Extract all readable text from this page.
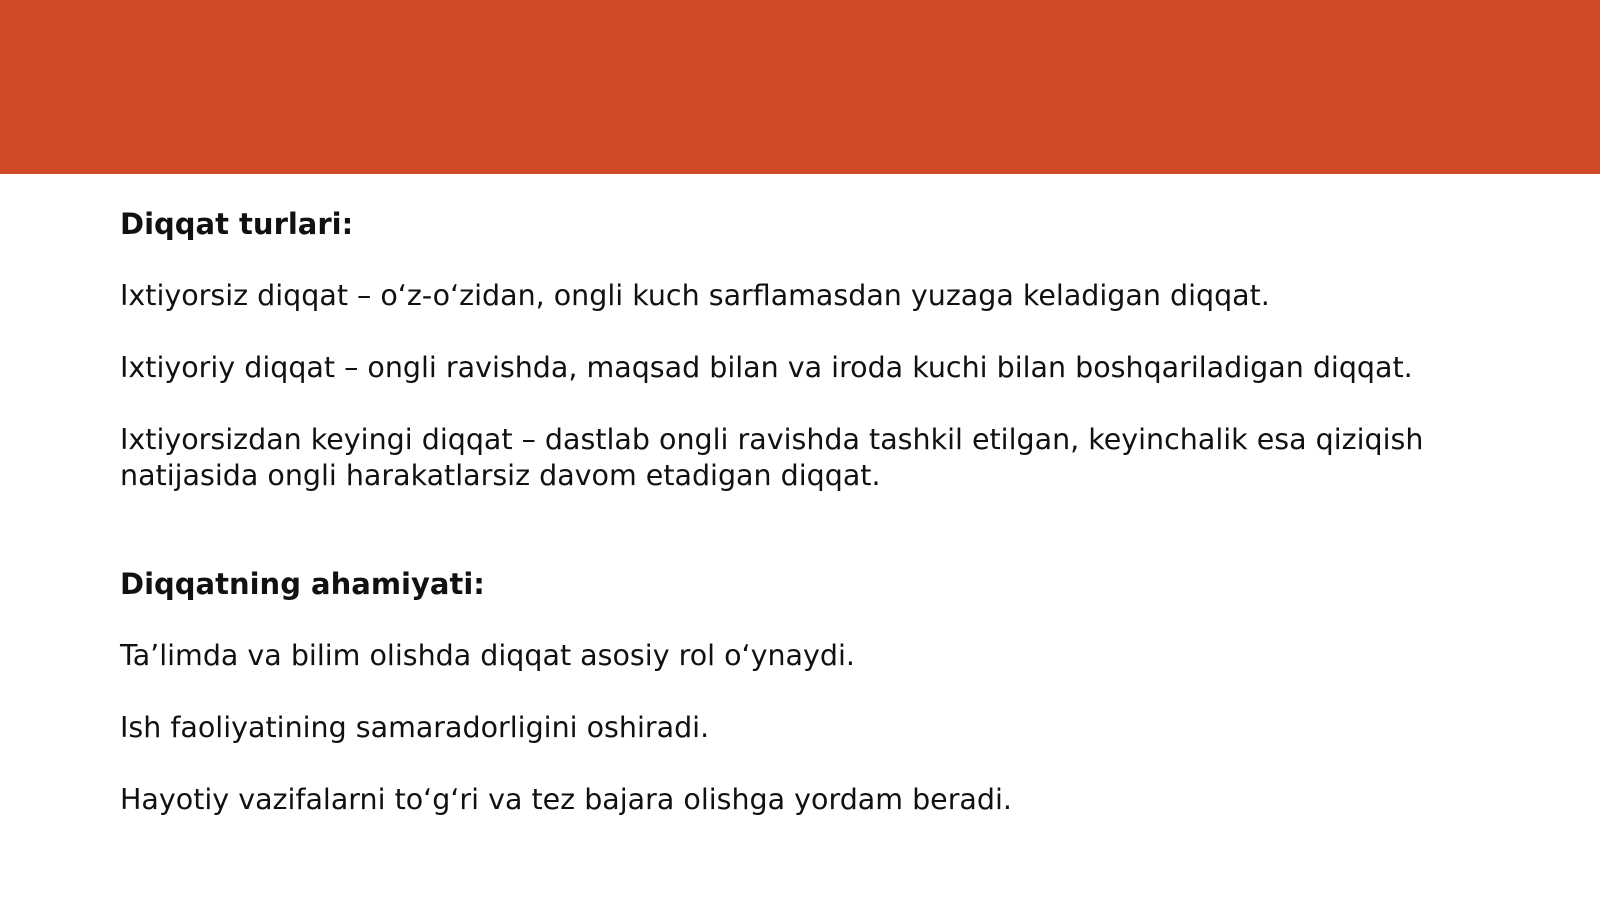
Diqqat turlari:

Ixtiyorsiz diqqat – oʻz-oʻzidan, ongli kuch sarflamasdan yuzaga keladigan diqqat.

Ixtiyoriy diqqat – ongli ravishda, maqsad bilan va iroda kuchi bilan boshqariladigan diqqat.

Ixtiyorsizdan keyingi diqqat – dastlab ongli ravishda tashkil etilgan, keyinchalik esa qiziqish natijasida ongli harakatlarsiz davom etadigan diqqat.

Diqqatning ahamiyati:

Taʼlimda va bilim olishda diqqat asosiy rol oʻynaydi.

Ish faoliyatining samaradorligini oshiradi.

Hayotiy vazifalarni toʻgʻri va tez bajara olishga yordam beradi.
